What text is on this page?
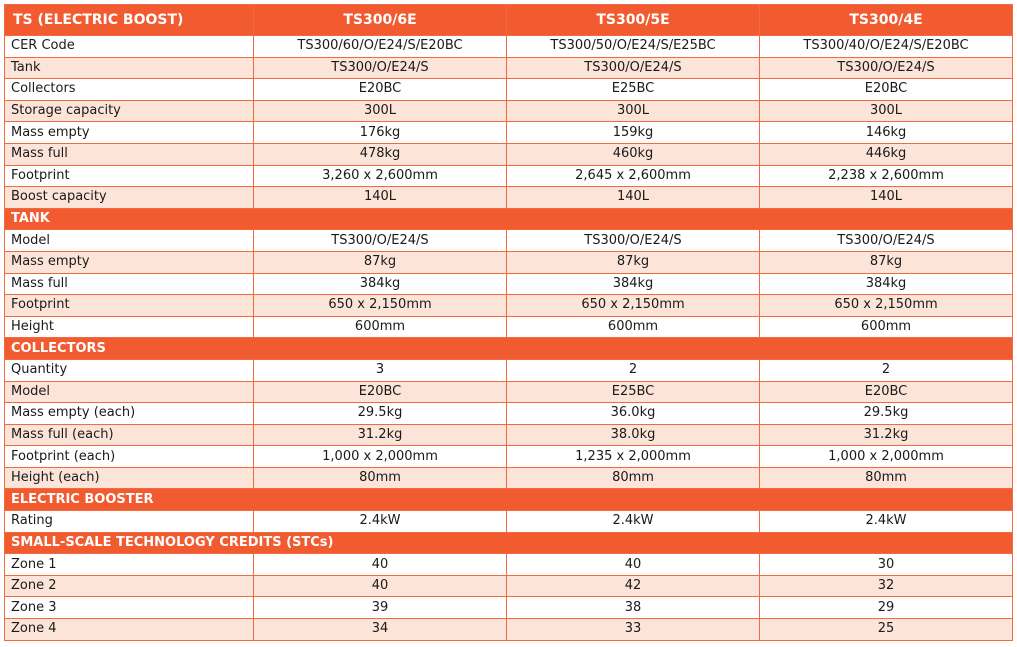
TS (ELECTRIC BOOST)	TS300/6E	TS300/5E	TS300/4E
CER Code	TS300/60/O/E24/S/E20BC	TS300/50/O/E24/S/E25BC	TS300/40/O/E24/S/E20BC
Tank	TS300/O/E24/S	TS300/O/E24/S	TS300/O/E24/S
Collectors	E20BC	E25BC	E20BC
Storage capacity	300L	300L	300L
Mass empty	176kg	159kg	146kg
Mass full	478kg	460kg	446kg
Footprint	3,260 x 2,600mm	2,645 x 2,600mm	2,238 x 2,600mm
Boost capacity	140L	140L	140L
TANK			
Model	TS300/O/E24/S	TS300/O/E24/S	TS300/O/E24/S
Mass empty	87kg	87kg	87kg
Mass full	384kg	384kg	384kg
Footprint	650 x 2,150mm	650 x 2,150mm	650 x 2,150mm
Height	600mm	600mm	600mm
COLLECTORS			
Quantity	3	2	2
Model	E20BC	E25BC	E20BC
Mass empty (each)	29.5kg	36.0kg	29.5kg
Mass full (each)	31.2kg	38.0kg	31.2kg
Footprint (each)	1,000 x 2,000mm	1,235 x 2,000mm	1,000 x 2,000mm
Height (each)	80mm	80mm	80mm
ELECTRIC BOOSTER			
Rating	2.4kW	2.4kW	2.4kW
SMALL-SCALE TECHNOLOGY CREDITS (STCs)			
Zone 1	40	40	30
Zone 2	40	42	32
Zone 3	39	38	29
Zone 4	34	33	25
